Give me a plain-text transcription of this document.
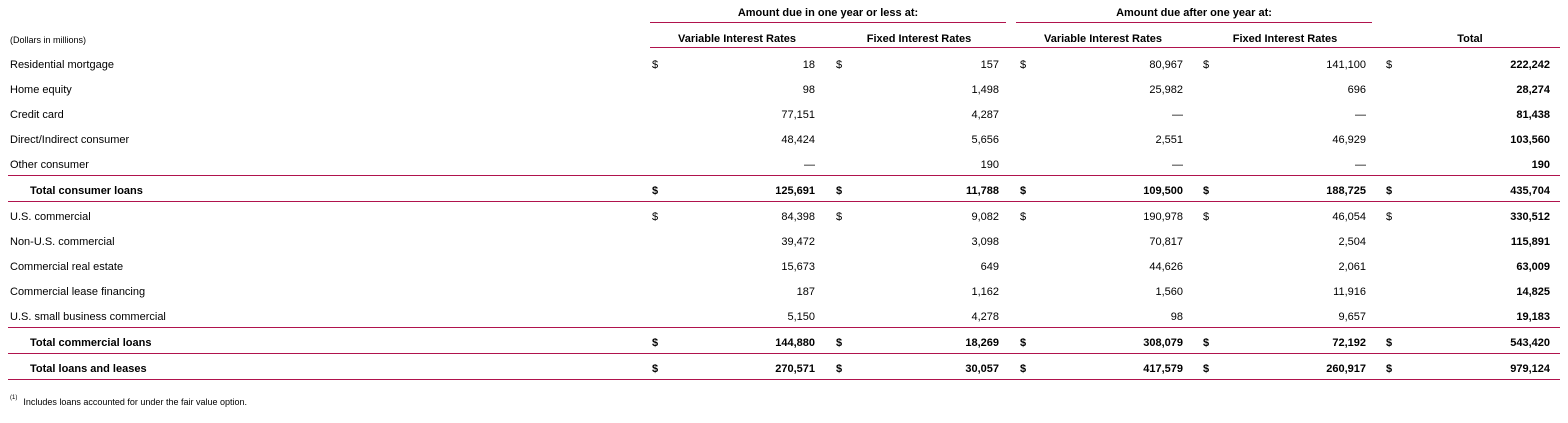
Amount due in one year or less at:	Amount due after one year at:
(Dollars in millions)	Variable Interest Rates	Fixed Interest Rates	Variable Interest Rates	Fixed Interest Rates	Total
Residential mortgage	$	18 $	157 $	80,967 $	141,100 $	222,242
Home equity	98	1,498	25,982	696	28,274
Credit card	77,151	4,287	—	—	81,438
Direct/Indirect consumer	48,424	5,656	2,551	46,929	103,560
Other consumer	—	190	—	—	190
Total consumer loans	$	125,691 $	11,788 $	109,500 $	188,725 $	435,704
U.S. commercial	$	84,398 $	9,082 $	190,978 $	46,054 $	330,512
Non-U.S. commercial	39,472	3,098	70,817	2,504	115,891
Commercial real estate	15,673	649	44,626	2,061	63,009
Commercial lease financing	187	1,162	1,560	11,916	14,825
U.S. small business commercial	5,150	4,278	98	9,657	19,183
Total commercial loans	$	144,880 $	18,269 $	308,079 $	72,192 $	543,420
Total loans and leases	$	270,571 $	30,057 $	417,579 $	260,917 $	979,124
$^{(1)}$ Includes loans accounted for under the fair value option.
